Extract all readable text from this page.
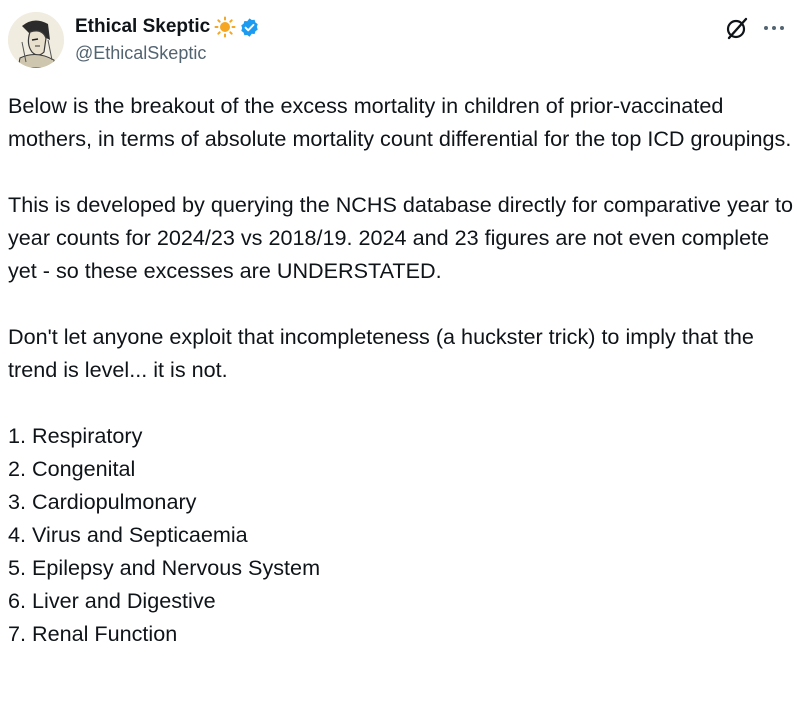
Ethical Skeptic
@EthicalSkeptic

Below is the breakout of the excess mortality in children of prior-vaccinated mothers, in terms of absolute mortality count differential for the top ICD groupings.

This is developed by querying the NCHS database directly for comparative year to year counts for 2024/23 vs 2018/19. 2024 and 23 figures are not even complete yet - so these excesses are UNDERSTATED.

Don't let anyone exploit that incompleteness (a huckster trick) to imply that the trend is level... it is not.

1. Respiratory
2. Congenital
3. Cardiopulmonary
4. Virus and Septicaemia
5. Epilepsy and Nervous System
6. Liver and Digestive
7. Renal Function
